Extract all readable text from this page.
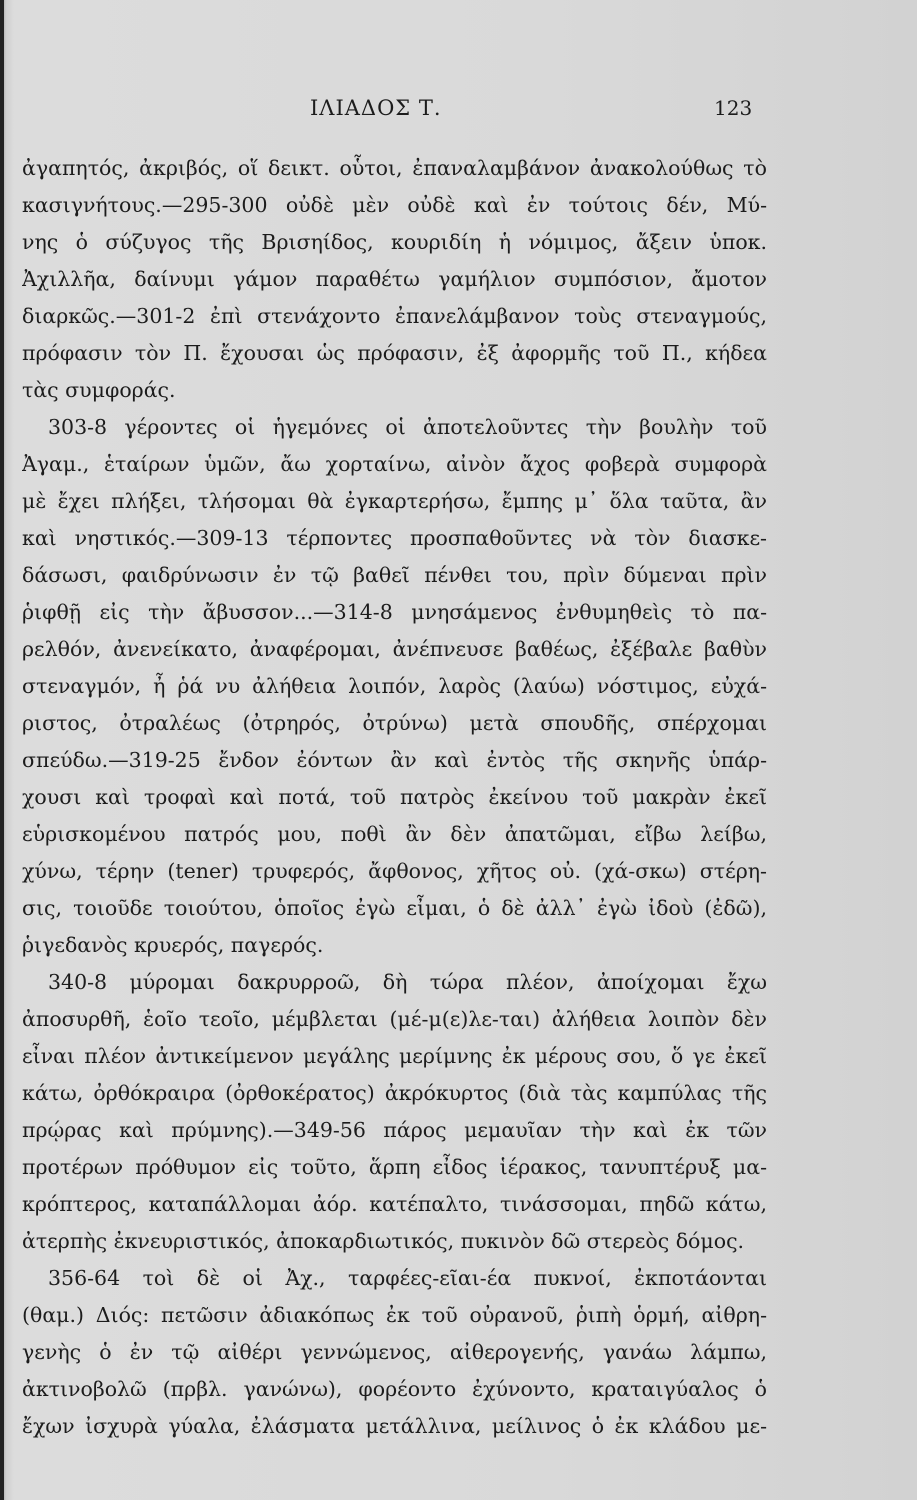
ΙΛΙΑΔΟΣ Τ.	123
ἀγαπητός, ἀκριβός, οἵ δεικτ. οὗτοι, ἐπαναλαμβάνον ἀνακολούθως τὸ
κασιγνήτους.—295-300 οὐδὲ μὲν οὐδὲ καὶ ἐν τούτοις δέν, Μύ-
νης ὁ σύζυγος τῆς Βρισηίδος, κουριδίη ἡ νόμιμος, ἄξειν ὑποκ.
Ἀχιλλῆα, δαίνυμι γάμον παραθέτω γαμήλιον συμπόσιον, ἄμοτον
διαρκῶς.—301-2 ἐπὶ στενάχοντο ἐπανελάμβανον τοὺς στεναγμούς,
πρόφασιν τὸν Π. ἔχουσαι ὡς πρόφασιν, ἐξ ἀφορμῆς τοῦ Π., κήδεα
τὰς συμφοράς.
303-8 γέροντες οἱ ἡγεμόνες οἱ ἀποτελοῦντες τὴν βουλὴν τοῦ
Ἀγαμ., ἑταίρων ὑμῶν, ἄω χορταίνω, αἰνὸν ἄχος φοβερὰ συμφορὰ
μὲ ἔχει πλήξει, τλήσομαι θὰ ἐγκαρτερήσω, ἔμπης μ᾽ ὅλα ταῦτα, ἂν
καὶ νηστικός.—309-13 τέρποντες προσπαθοῦντες νὰ τὸν διασκε-
δάσωσι, φαιδρύνωσιν ἐν τῷ βαθεῖ πένθει του, πρὶν δύμεναι πρὶν
ῥιφθῇ εἰς τὴν ἄβυσσον...—314-8 μνησάμενος ἐνθυμηθεὶς τὸ πα-
ρελθόν, ἀνενείκατο, ἀναφέρομαι, ἀνέπνευσε βαθέως, ἐξέβαλε βαθὺν
στεναγμόν, ἦ ῥά νυ ἀλήθεια λοιπόν, λαρὸς (λαύω) νόστιμος, εὐχά-
ριστος, ὀτραλέως (ὀτρηρός, ὀτρύνω) μετὰ σπουδῆς, σπέρχομαι
σπεύδω.—319-25 ἔνδον ἐόντων ἂν καὶ ἐντὸς τῆς σκηνῆς ὑπάρ-
χουσι καὶ τροφαὶ καὶ ποτά, τοῦ πατρὸς ἐκείνου τοῦ μακρὰν ἐκεῖ
εὑρισκομένου πατρός μου, ποθὶ ἂν δὲν ἀπατῶμαι, εἴβω λείβω,
χύνω, τέρην (tener) τρυφερός, ἄφθονος, χῆτος οὐ. (χά-σκω) στέρη-
σις, τοιοῦδε τοιούτου, ὁποῖος ἐγὼ εἶμαι, ὁ δὲ ἀλλ᾽ ἐγὼ ἰδοὺ (ἐδῶ),
ῥιγεδανὸς κρυερός, παγερός.
340-8 μύρομαι δακρυρροῶ, δὴ τώρα πλέον, ἀποίχομαι ἔχω
ἀποσυρθῆ, ἑοῖο τεοῖο, μέμβλεται (μέ-μ(ε)λε-ται) ἀλήθεια λοιπὸν δὲν
εἶναι πλέον ἀντικείμενον μεγάλης μερίμνης ἐκ μέρους σου, ὅ γε ἐκεῖ
κάτω, ὀρθόκραιρα (ὀρθοκέρατος) ἀκρόκυρτος (διὰ τὰς καμπύλας τῆς
πρῴρας καὶ πρύμνης).—349-56 πάρος μεμαυῖαν τὴν καὶ ἐκ τῶν
προτέρων πρόθυμον εἰς τοῦτο, ἅρπη εἶδος ἱέρακος, τανυπτέρυξ μα-
κρόπτερος, καταπάλλομαι ἀόρ. κατέπαλτο, τινάσσομαι, πηδῶ κάτω,
ἀτερπὴς ἐκνευριστικός, ἀποκαρδιωτικός, πυκινὸν δῶ στερεὸς δόμος.
356-64 τοὶ δὲ οἱ Ἀχ., ταρφέες-εῖαι-έα πυκνοί, ἐκποτάονται
(θαμ.) Διός: πετῶσιν ἀδιακόπως ἐκ τοῦ οὐρανοῦ, ῥιπὴ ὁρμή, αἰθρη-
γενὴς ὁ ἐν τῷ αἰθέρι γεννώμενος, αἰθερογενής, γανάω λάμπω,
ἀκτινοβολῶ (πρβλ. γανώνω), φορέοντο ἐχύνοντο, κραταιγύαλος ὁ
ἔχων ἰσχυρὰ γύαλα, ἐλάσματα μετάλλινα, μείλινος ὁ ἐκ κλάδου με-
